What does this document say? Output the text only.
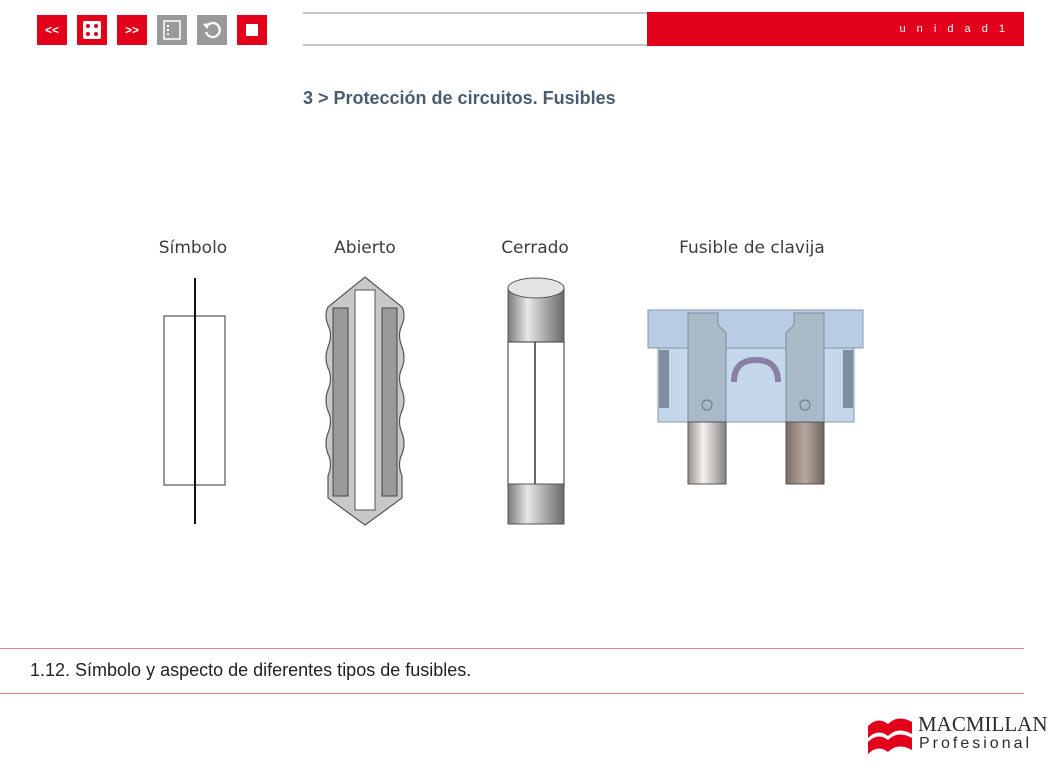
<<	>>	u n i d a d 1
3 > Protección de circuitos. Fusibles
Símbolo	Abierto	Cerrado	Fusible de clavija
1.12. Símbolo y aspecto de diferentes tipos de fusibles.
MACMILLAN
Profesional
